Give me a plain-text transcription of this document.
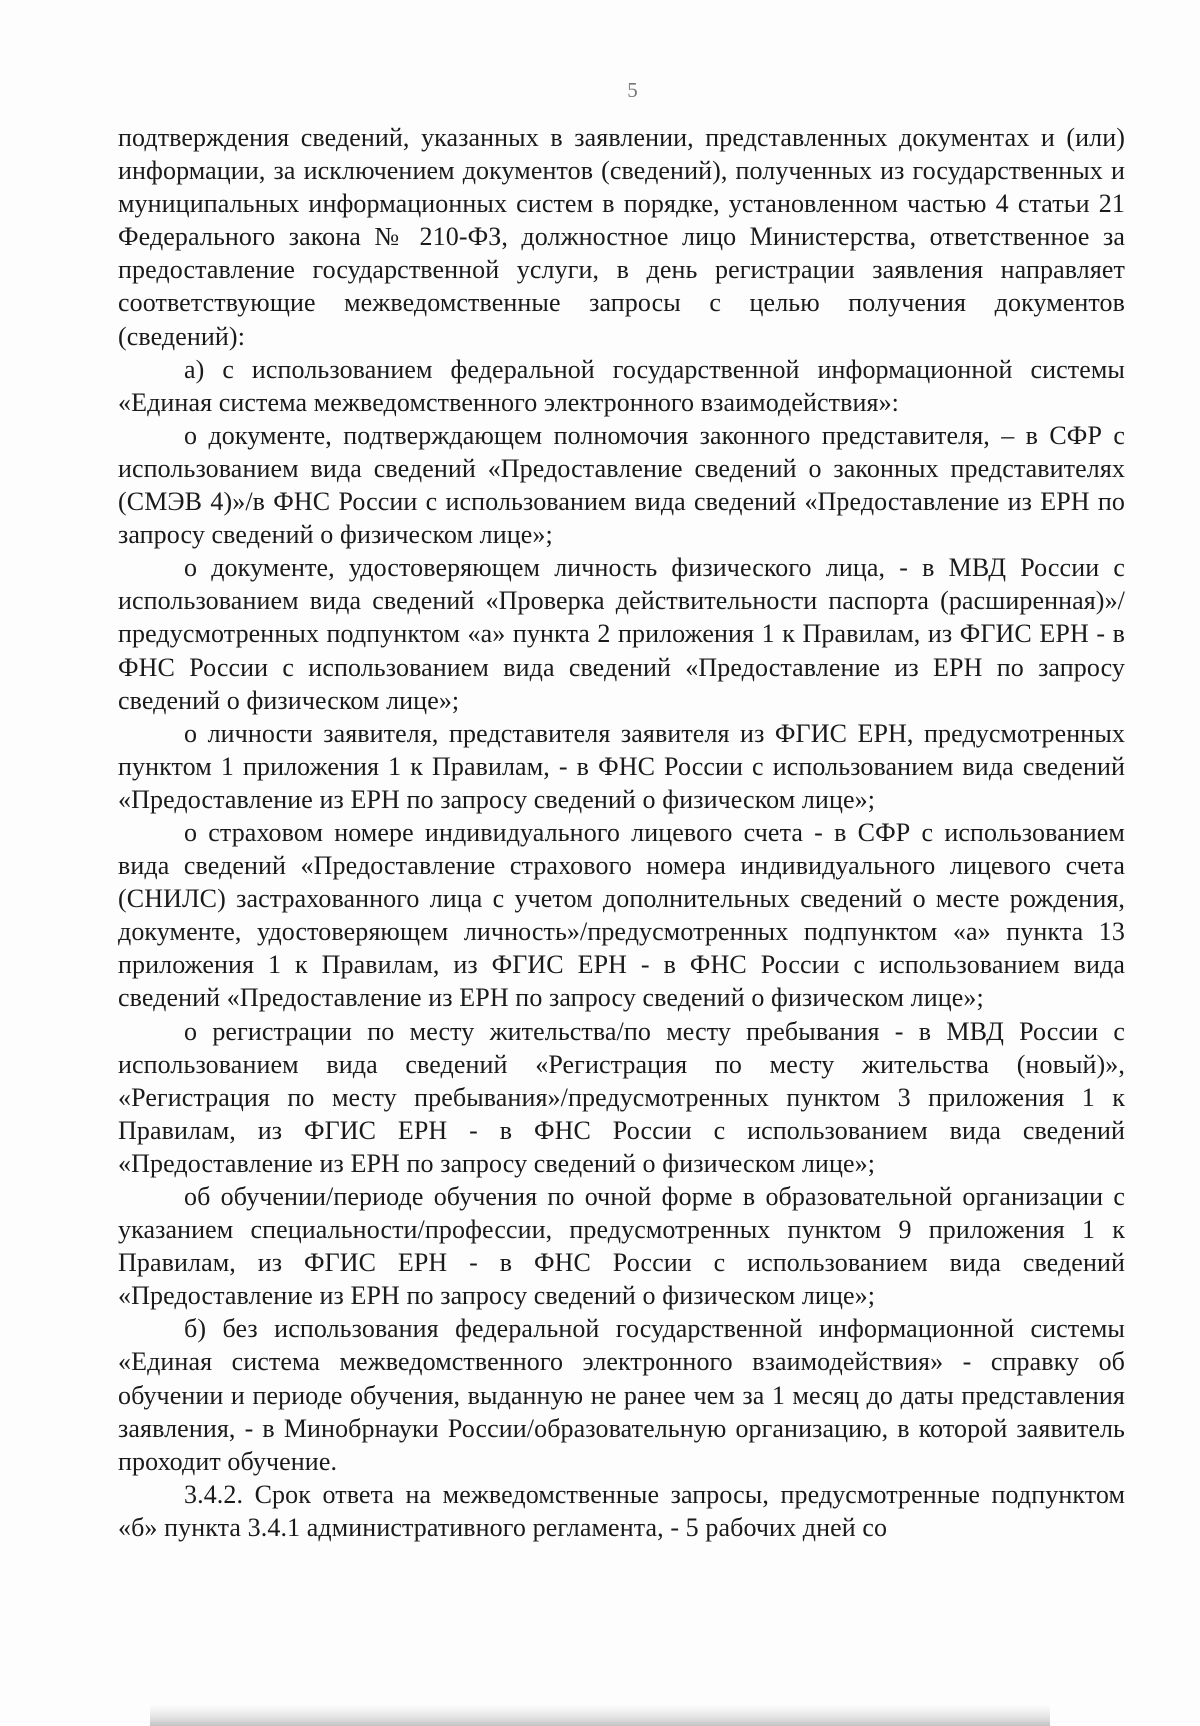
5

подтверждения сведений, указанных в заявлении, представленных документах и (или) информации, за исключением документов (сведений), полученных из государственных и муниципальных информационных систем в порядке, установленном частью 4 статьи 21 Федерального закона № 210-ФЗ, должностное лицо Министерства, ответственное за предоставление государственной услуги, в день регистрации заявления направляет соответствующие межведомственные запросы с целью получения документов (сведений):

а) с использованием федеральной государственной информационной системы «Единая система межведомственного электронного взаимодействия»:

о документе, подтверждающем полномочия законного представителя, – в СФР с использованием вида сведений «Предоставление сведений о законных представителях (СМЭВ 4)»/в ФНС России с использованием вида сведений «Предоставление из ЕРН по запросу сведений о физическом лице»;

о документе, удостоверяющем личность физического лица, - в МВД России с использованием вида сведений «Проверка действительности паспорта (расширенная)»/предусмотренных подпунктом «а» пункта 2 приложения 1 к Правилам, из ФГИС ЕРН - в ФНС России с использованием вида сведений «Предоставление из ЕРН по запросу сведений о физическом лице»;

о личности заявителя, представителя заявителя из ФГИС ЕРН, предусмотренных пунктом 1 приложения 1 к Правилам, - в ФНС России с использованием вида сведений «Предоставление из ЕРН по запросу сведений о физическом лице»;

о страховом номере индивидуального лицевого счета - в СФР с использованием вида сведений «Предоставление страхового номера индивидуального лицевого счета (СНИЛС) застрахованного лица с учетом дополнительных сведений о месте рождения, документе, удостоверяющем личность»/предусмотренных подпунктом «а» пункта 13 приложения 1 к Правилам, из ФГИС ЕРН - в ФНС России с использованием вида сведений «Предоставление из ЕРН по запросу сведений о физическом лице»;

о регистрации по месту жительства/по месту пребывания - в МВД России с использованием вида сведений «Регистрация по месту жительства (новый)», «Регистрация по месту пребывания»/предусмотренных пунктом 3 приложения 1 к Правилам, из ФГИС ЕРН - в ФНС России с использованием вида сведений «Предоставление из ЕРН по запросу сведений о физическом лице»;

об обучении/периоде обучения по очной форме в образовательной организации с указанием специальности/профессии, предусмотренных пунктом 9 приложения 1 к Правилам, из ФГИС ЕРН - в ФНС России с использованием вида сведений «Предоставление из ЕРН по запросу сведений о физическом лице»;

б) без использования федеральной государственной информационной системы «Единая система межведомственного электронного взаимодействия» - справку об обучении и периоде обучения, выданную не ранее чем за 1 месяц до даты представления заявления, - в Минобрнауки России/образовательную организацию, в которой заявитель проходит обучение.

3.4.2. Срок ответа на межведомственные запросы, предусмотренные подпунктом «б» пункта 3.4.1 административного регламента, - 5 рабочих дней со
